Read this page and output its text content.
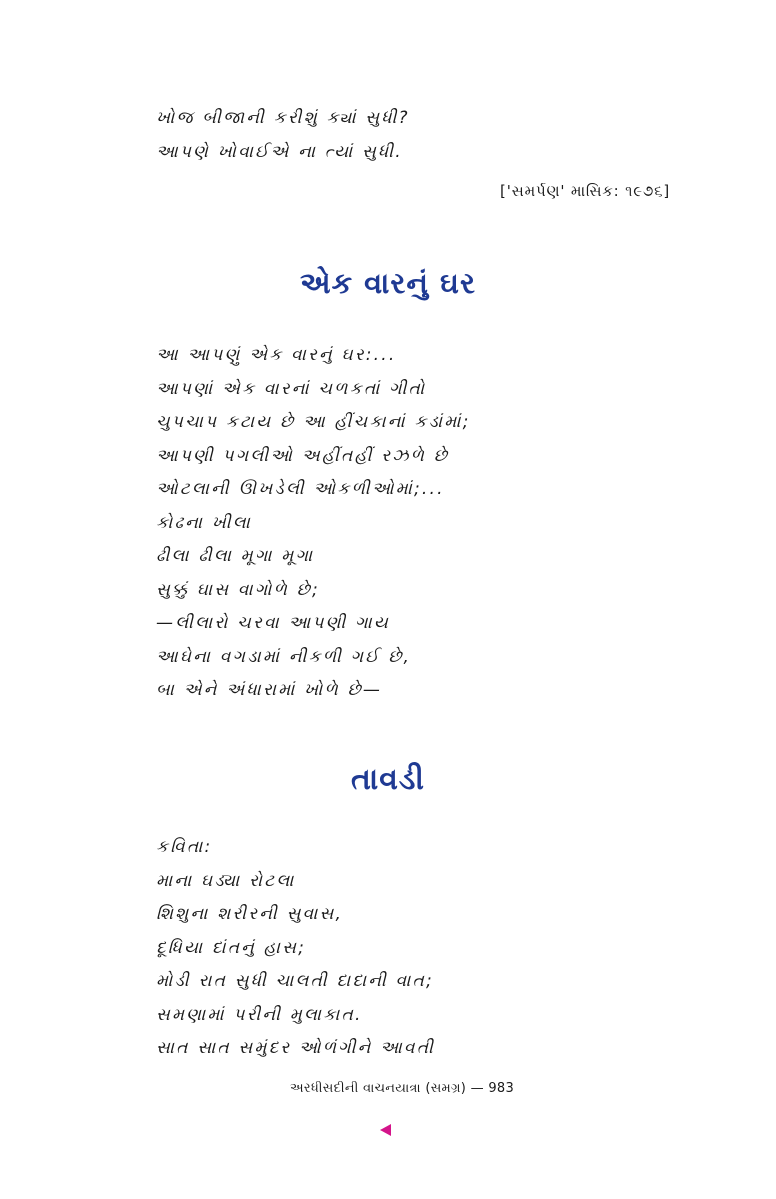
ખોજ બીજાની કરીશું ક્યાં સુધી?

આપણે ખોવાઈએ ના ત્યાં સુધી.

['સમર્પણ' માસિક: ૧૯૭૬]
એક વારનું ઘર

આ આપણું એક વારનું ઘર:...

આપણાં એક વારનાં ચળકતાં ગીતો

ચુપચાપ કટાય છે આ હીંચકાનાં કડાંમાં;

આપણી પગલીઓ અહીંતહીં રઝળે છે

ઓટલાની ઊખડેલી ઓકળીઓમાં;...

કોઢના ખીલા

ઢીલા ઢીલા મૂગા મૂગા

સુક્કું ઘાસ વાગોળે છે;

—લીલારો ચરવા આપણી ગાય

આઘેના વગડામાં નીકળી ગઈ છે,

બા એને અંધારામાં ખોળે છે—

તાવડી

કવિતા:

માના ઘડ્યા રોટલા

શિશુના શરીરની સુવાસ,

દૂધિયા દાંતનું હાસ;

મોડી રાત સુધી ચાલતી દાદાની વાત;

સમણામાં પરીની મુલાકાત.

સાત સાત સમુંદર ઓળંગીને આવતી

અરધીસદીની વાચનયાત્રા (સમગ્ર) — 983
